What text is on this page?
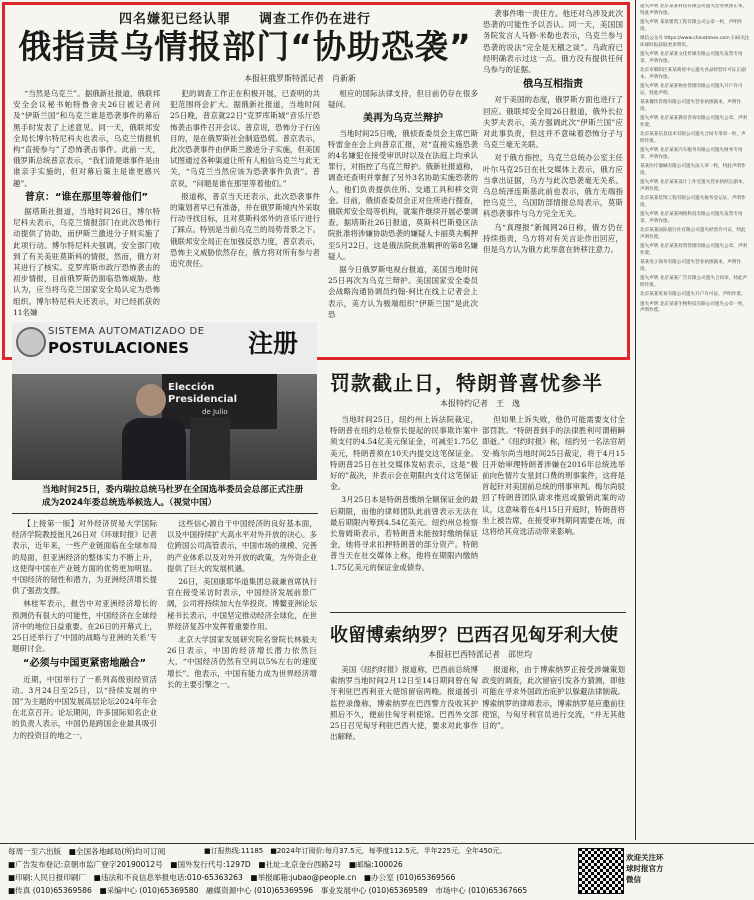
四名嫌犯已经认罪　　调查工作仍在进行
俄指责乌情报部门“协助恐袭”
本报驻俄罗斯特派记者　肖新新

“当然是乌克兰”。据俄新社报道，俄联邦安全会议秘书帕特鲁舍夫26日被记者问及“伊斯兰国”和乌克兰谁是恐袭事件的幕后黑手时发表了上述意见。同一天，俄联邦安全局长博尔特尼科夫也表示，乌克兰情报机构“直接参与”了恐怖袭击事件。此前一天，俄罗斯总统普京表示，“我们清楚谁事件是由谁亲手实施的，但对幕后策主是谁更感兴趣”。

普京：“谁在那里等着他们”

据塔斯社报道，当地时间26日，博尔特尼科夫表示，乌克兰情报部门在此次恐怖行动提供了协助，而伊斯兰激进分子则实施了此项行动。博尔特尼科夫强调，安全部门收到了有关美驻莫斯科的情报，然而，俄方对其进行了核实。克罗库斯市政厅恐怖袭击的初步情报，目前俄罗斯仍面临恐怖威胁。他认为，应当将乌克兰国家安全局认定为恐怖组织。博尔特尼科夫还表示，对已经抓获的11名嫌

犯的调查工作正在积极开展，已查明的共犯范围将会扩大。据俄新社报道，当地时间25日晚，普京就22日“克罗库斯城”音乐厅恐怖袭击事件召开会议。普京说，恐怖分子行凶目的，是在俄罗斯社会制造恐慌。普京表示，此次恐袭事件由伊斯兰激进分子实施，但美国试图通过各种渠道让所有人相信乌克兰与此无关，“乌克兰当然应该为恐袭事件负责”。普京说，“问题是谁在那里等着他们。”

报道称，普京当天还表示，此次恐袭事件的策划者早已有准备，并在俄罗斯境内外采取行动寻找目标，且对莫斯科郊外的音乐厅进行了踩点。特别是当前乌克兰的局势背景之下。俄联邦安全局正在加强反恐力度，普京表示，恐怖主义威胁依然存在，俄方将对所有参与者追究责任。

相应的国际法律支持，但目前仍存在很多疑问。

美再为乌克兰辩护

当地时间25日晚，俄侦查委员会主席巴斯特雷金在会上向普京汇报，对“直接实施恐袭的4名嫌犯在接受审讯时以及在法庭上均承认罪行，对指控了乌克兰辩护。俄新社报道称，调查还查明并掌握了另外3名协助实施恐袭的人，他们负责提供住所、交通工具和移交资金。目前，俄侦查委员会正对住所进行搜查，俄联邦安全局等机构，就案件继续开展必要调查。据塔斯社26日报道，莫斯科巴斯曼区法院批准将涉嫌协助恐袭的嫌疑人卡丽莫夫羁押至5月22日，这是俄法院批准羁押的第8名嫌疑人。

据今日俄罗斯电视台报道，美国当地时间25日再次为乌克兰辩护。美国国家安全委员会战略沟通协调员约翰·柯比在线上记者会上表示，美方认为极端组织“伊斯兰国”是此次恐

袭事件唯一责任方。他还对乌涉及此次恐袭的可能性予以否认。同一天，美国国务院发言人马修·米勒也表示，乌克兰参与恐袭的说法“完全是无稽之谈”。乌政府已经明确表示过这一点。俄方没有提供任何乌参与的证据。

俄乌互相指责

对于美国的态度，俄罗斯方面也进行了回应。俄联邦安全局26日报道，俄外长拉夫罗夫表示，美方强调此次“伊斯兰国”应对此事负责，但这并不意味着恐怖分子与乌克兰毫无关联。

对于俄方指控，乌克兰总统办公室主任叶尔马克25日在社交媒体上表示，俄方应当拿出证据，乌方与此次恐袭毫无关系。乌总统泽连斯基此前也表示，俄方无端指控乌克兰，乌国防部情报总局表示，莫斯科恐袭事件与乌方完全无关。

乌“真理报”新闻网26日称，俄方仍在持续指责，乌方将对有关言论作出回应，但是乌方认为俄方此举意在转移注意力。

SISTEMA AUTOMATIZADO DE
POSTULACIONES 注册
Elección Presidencial
de Julio
当地时间25日，委内瑞拉总统马杜罗在全国选举委员会总部正式注册成为2024年委总统选举候选人。（视觉中国）
罚款截止日，特朗普喜忧参半
本报特约记者　王　逸

当地时间25日，纽约州上诉法院裁定，特朗普在纽约总检察长提起的民事欺诈案中须支付的4.54亿美元保证金，可减至1.75亿美元，特朗普须在10天内提交这笔保证金。特朗普25日在社交媒体发帖表示，这是“极好的”裁决，并表示会在期限内支付这笔保证金。

3月25日本是特朗普缴纳全额保证金的最后期限，而他的律师团队此前曾表示无法在最后期限内筹到4.54亿美元。纽约州总检察长詹姆斯表示，若特朗普未能按时缴纳保证金，她将寻求扣押特朗普的部分资产。特朗普当天在社交媒体上称，他将在期限内缴纳1.75亿美元的保证金或债券。

但如果上诉失败，他仍可能需要支付全部罚款。“特朗普到手的法律胜利可谓稍瞬即逝。”《纽约时报》称，纽约另一名法官胡安·梅尔尚当地时间25日裁定，将于4月15日开始审理特朗普涉嫌在2016年总统选举前向色情片女星封口费的刑事案件，这将是首起针对美国前总统的刑事审判。梅尔尚驳回了特朗普团队请求推迟或撤销此案的动议，这意味着在4月15日开庭时，特朗普将坐上被告席，在接受审判期间需要在场，而这将给其竞选活动带来影响。

【上接第一版】对外经济贸易大学国际经济学院教授崔凡26日对《环球时报》记者表示，近年来，一些产业链面临在全球布局的局面，但亚洲经济的整体实力不断上升，这使得中国在产业链方面的优势更加明显。中国经济的韧性和潜力，为亚洲经济增长提供了强劲支撑。

林桂军表示，报告中对亚洲经济增长的预测仍有很大的可能性，中国经济在全球经济中的地位日益重要。在26日的开幕式上，25日还举行了‘中国的战略与亚洲的关系’专题研讨会。

“必须与中国更紧密地融合”

近期，中国举行了一系列高级别经贸活动。3月24日至25日，以“持续发展的中国”为主题的中国发展高层论坛2024年年会在北京召开。论坛期间，许多国际知名企业的负责人表示，中国仍是跨国企业最具吸引力的投资目的地之一。

这些信心源自于中国经济的良好基本面，以及中国持续扩大高水平对外开放的决心。多位跨国公司高管表示，中国市场的规模、完善的产业体系以及对外开放的政策，为外资企业提供了巨大的发展机遇。

26日，美国康耶华道集团总裁兼首席执行官在接受采访时表示，中国经济发展前景广阔，公司将持续加大在华投资。博鳌亚洲论坛秘书长表示，中国坚定推动经济全球化，在世界经济复苏中发挥着重要作用。

北京大学国家发展研究院名誉院长林毅夫26日表示，中国的经济增长潜力依然巨大，“中国经济仍然有空间以5%左右的速度增长”。他表示，中国有能力成为世界经济增长的主要引擎之一。

收留博索纳罗？巴西召见匈牙利大使
本报驻巴西特派记者　邵世均

美国《纽约时报》报道称，巴西前总统博索纳罗当地时间2月12日至14日期间曾在匈牙利驻巴西利亚大使馆留宿两晚。报道援引监控录像称，博索纳罗在巴西警方没收其护照后不久，便前往匈牙利使馆。巴西外交部25日召见匈牙利驻巴西大使，要求对此事作出解释。

报道称，由于博索纳罗正接受涉嫌策划政变的调查，此次留宿引发各方猜测，即他可能在寻求外国政治庇护以躲避法律制裁。博索纳罗的律师表示，博索纳罗是应邀前往使馆，与匈牙利官员进行交流，“并无其他目的”。

遗失声明 北京某某科技有限公司遗失营业执照正本，特此声明作废。

遗失声明 某某建筑工程有限公司公章一枚，声明作废。

微信公众号 https://www.chinatimes.com 扫码关注环球时报获取更多资讯。

遗失声明 北京某某文化传媒有限公司遗失发票专用章，声明作废。

北京市朝阳区某某商贸中心遗失食品经营许可证正副本，声明作废。

遗失声明 北京某某物业管理有限公司遗失开户许可证，特此声明。

某某餐饮管理有限公司遗失营业执照副本，声明作废。

遗失声明 北京某某教育咨询有限公司遗失公章，声明作废。

北京某某信息技术有限公司遗失合同专用章一枚，声明作废。

遗失声明 北京某某汽车服务有限公司遗失财务专用章，声明作废。

某某医疗器械有限公司遗失法人章一枚，特此声明作废。

遗失声明 北京某某设计工作室遗失营业执照正副本，声明作废。

北京某某装饰工程有限公司遗失税务登记证，声明作废。

遗失声明 北京某某网络科技有限公司遗失发票专用章，声明作废。

北京某某国际旅行社有限公司遗失经营许可证，特此声明作废。

遗失声明 北京某某投资管理有限公司遗失公章，声明作废。

某某电子商务有限公司遗失营业执照副本，声明作废。

遗失声明 北京某某广告有限公司遗失合同章，特此声明作废。

北京某某贸易有限公司遗失开户许可证，声明作废。

遗失声明 北京某某生物科技有限公司遗失公章一枚，声明作废。

每周一至六出版　■全国各地邮局(所)均可订阅	■订报热线:11185　■2024年订阅价:每月37.5元，每季度112.5元，半年225元，全年450元。
■广告发布登记:京朝市监广登字20190012号　■国外发行代号:1297D　■社址:北京金台西路2号　■邮编:100026
■印刷:人民日报印刷厂　■违法和不良信息举报电话:010-65363263　■举报邮箱:jubao@people.cn　■办公室 (010)65369566
■传真 (010)65369586　■采编中心 (010)65369580　融媒资源中心 (010)65369596　事业发展中心 (010)65369589　市场中心 (010)65367665
欢迎关注环球时报官方微信
